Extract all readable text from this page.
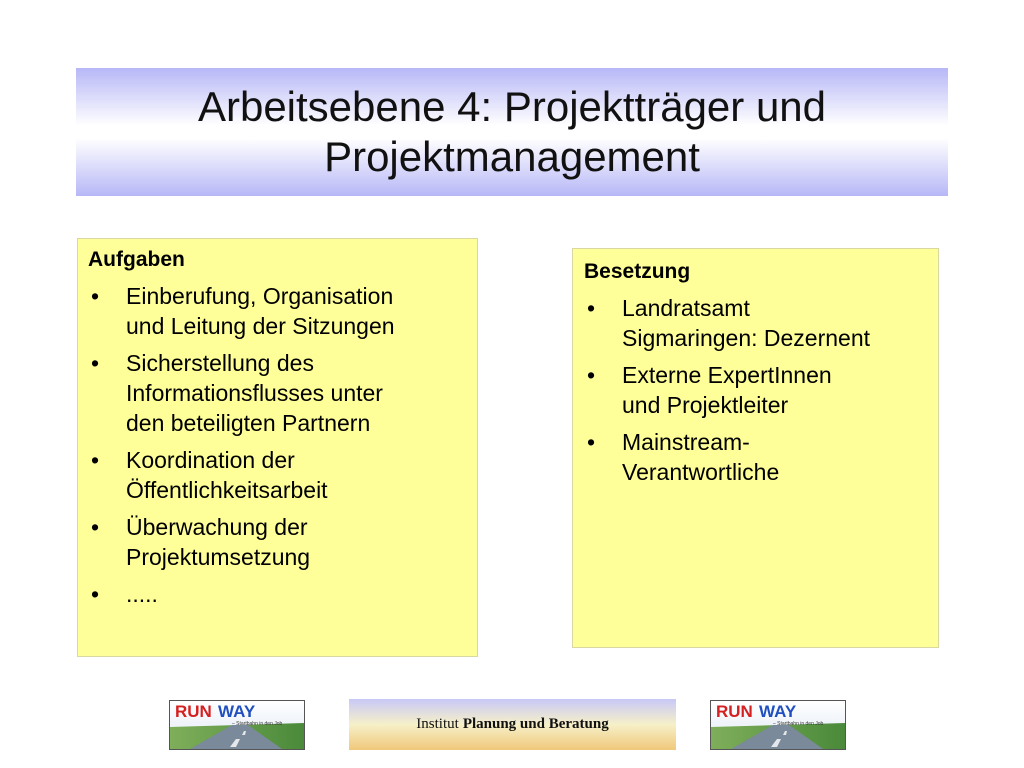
Arbeitsebene 4: Projektträger und
Projektmanagement
Aufgaben
• Einberufung, Organisation
und Leitung der Sitzungen
• Sicherstellung des
Informationsflusses unter
den beteiligten Partnern
• Koordination der
Öffentlichkeitsarbeit
• Überwachung der
Projektumsetzung
• .....
Besetzung
• Landratsamt
Sigmaringen: Dezernent
• Externe ExpertInnen
und Projektleiter
• Mainstream-
Verantwortliche
RUN WAY
– Startbahn in den Job	Institut Planung und Beratung
RUN WAY
– Startbahn in den Job
